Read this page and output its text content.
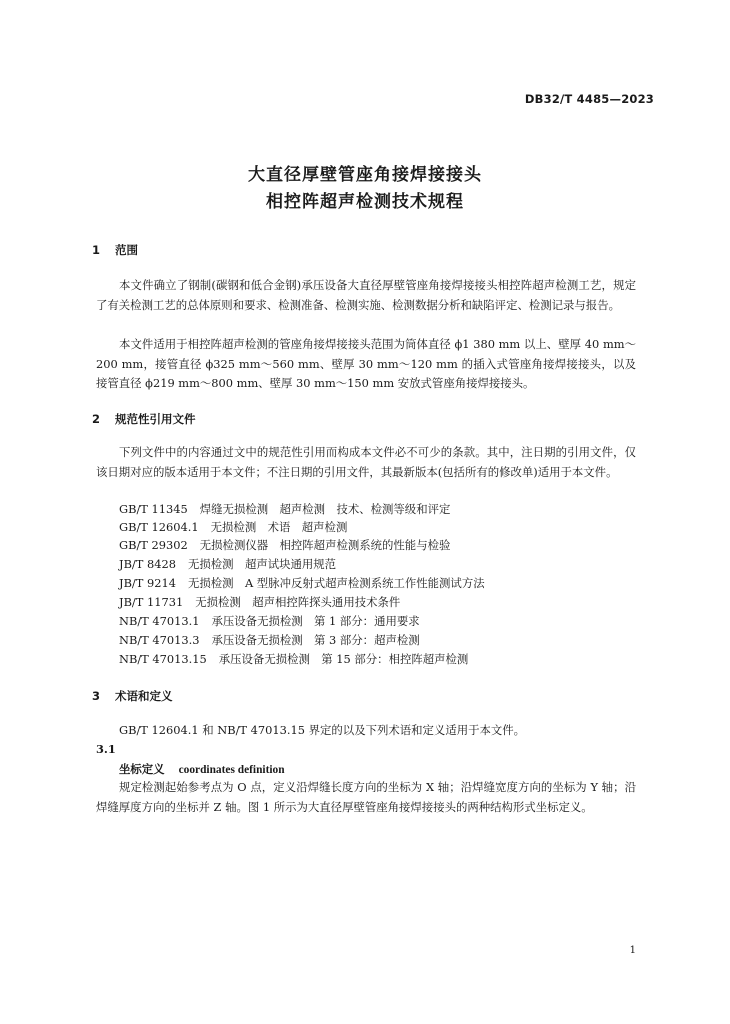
DB32/T 4485—2023
大直径厚壁管座角接焊接接头
相控阵超声检测技术规程
1 范围

本文件确立了钢制(碳钢和低合金钢)承压设备大直径厚壁管座角接焊接接头相控阵超声检测工艺，规定了有关检测工艺的总体原则和要求、检测准备、检测实施、检测数据分析和缺陷评定、检测记录与报告。

本文件适用于相控阵超声检测的管座角接焊接接头范围为筒体直径 ϕ1 380 mm 以上、壁厚 40 mm～200 mm，接管直径 ϕ325 mm～560 mm、壁厚 30 mm～120 mm 的插入式管座角接焊接接头，以及接管直径 ϕ219 mm～800 mm、壁厚 30 mm～150 mm 安放式管座角接焊接接头。

2 规范性引用文件

下列文件中的内容通过文中的规范性引用而构成本文件必不可少的条款。其中，注日期的引用文件，仅该日期对应的版本适用于本文件；不注日期的引用文件，其最新版本(包括所有的修改单)适用于本文件。

GB/T 11345 焊缝无损检测　超声检测　技术、检测等级和评定
GB/T 12604.1 无损检测　术语　超声检测
GB/T 29302 无损检测仪器　相控阵超声检测系统的性能与检验
JB/T 8428 无损检测　超声试块通用规范
JB/T 9214 无损检测　A 型脉冲反射式超声检测系统工作性能测试方法
JB/T 11731 无损检测　超声相控阵探头通用技术条件
NB/T 47013.1 承压设备无损检测　第 1 部分：通用要求
NB/T 47013.3 承压设备无损检测　第 3 部分：超声检测
NB/T 47013.15 承压设备无损检测　第 15 部分：相控阵超声检测
3 术语和定义

GB/T 12604.1 和 NB/T 47013.15 界定的以及下列术语和定义适用于本文件。

3.1
坐标定义 coordinates definition

规定检测起始参考点为 O 点，定义沿焊缝长度方向的坐标为 X 轴；沿焊缝宽度方向的坐标为 Y 轴；沿焊缝厚度方向的坐标并 Z 轴。图 1 所示为大直径厚壁管座角接焊接接头的两种结构形式坐标定义。

1
